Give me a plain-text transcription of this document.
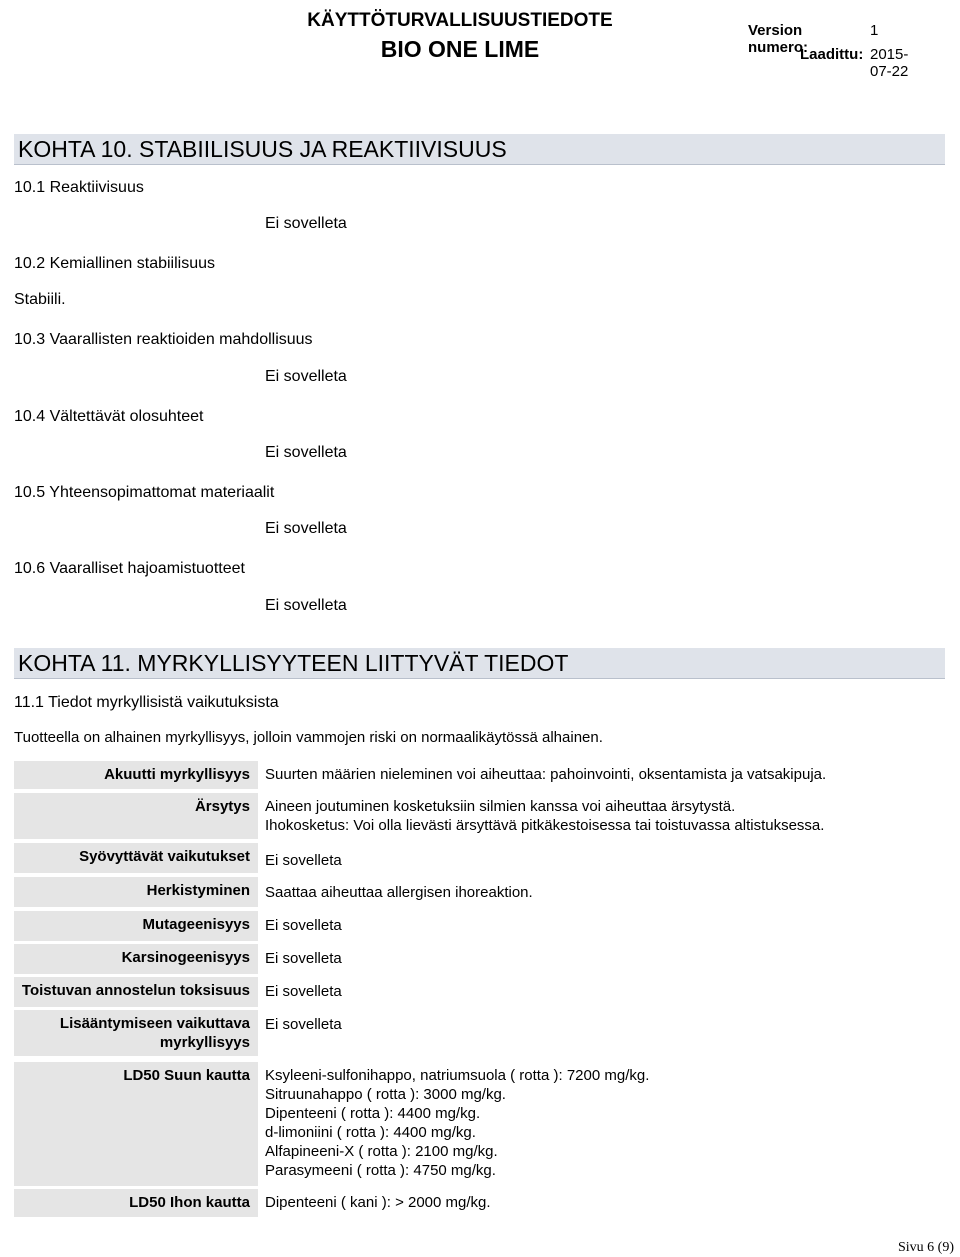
KÄYTTÖTURVALLISUUSTIEDOTE
BIO ONE LIME
Version numero:
1
Laadittu: 2015-07-22
KOHTA 10. STABIILISUUS JA REAKTIIVISUUS
10.1 Reaktiivisuus
Ei sovelleta
10.2 Kemiallinen stabiilisuus
Stabiili.
10.3 Vaarallisten reaktioiden mahdollisuus
Ei sovelleta
10.4 Vältettävät olosuhteet
Ei sovelleta
10.5 Yhteensopimattomat materiaalit
Ei sovelleta
10.6 Vaaralliset hajoamistuotteet
Ei sovelleta
KOHTA 11. MYRKYLLISYYTEEN LIITTYVÄT TIEDOT
11.1 Tiedot myrkyllisistä vaikutuksista
Tuotteella on alhainen myrkyllisyys, jolloin vammojen riski on normaalikäytössä alhainen.
Akuutti myrkyllisyys Suurten määrien nieleminen voi aiheuttaa: pahoinvointi, oksentamista ja vatsakipuja.
Ärsytys Aineen joutuminen kosketuksiin silmien kanssa voi aiheuttaa ärsytystä.
Ihokosketus: Voi olla lievästi ärsyttävä pitkäkestoisessa tai toistuvassa altistuksessa.
Syövyttävät vaikutukset Ei sovelleta
Herkistyminen Saattaa aiheuttaa allergisen ihoreaktion.
Mutageenisyys Ei sovelleta
Karsinogeenisyys Ei sovelleta
Toistuvan annostelun toksisuus Ei sovelleta
Lisääntymiseen vaikuttava
myrkyllisyys
Ei sovelleta
LD50 Suun kautta Ksyleeni-sulfonihappo, natriumsuola ( rotta ): 7200 mg/kg.
Sitruunahappo ( rotta ): 3000 mg/kg.
Dipenteeni ( rotta ): 4400 mg/kg.
d-limoniini ( rotta ): 4400 mg/kg.
Alfapineeni-X ( rotta ): 2100 mg/kg.
Parasymeeni ( rotta ): 4750 mg/kg.
LD50 Ihon kautta Dipenteeni ( kani ): > 2000 mg/kg.
Sivu 6 (9)
